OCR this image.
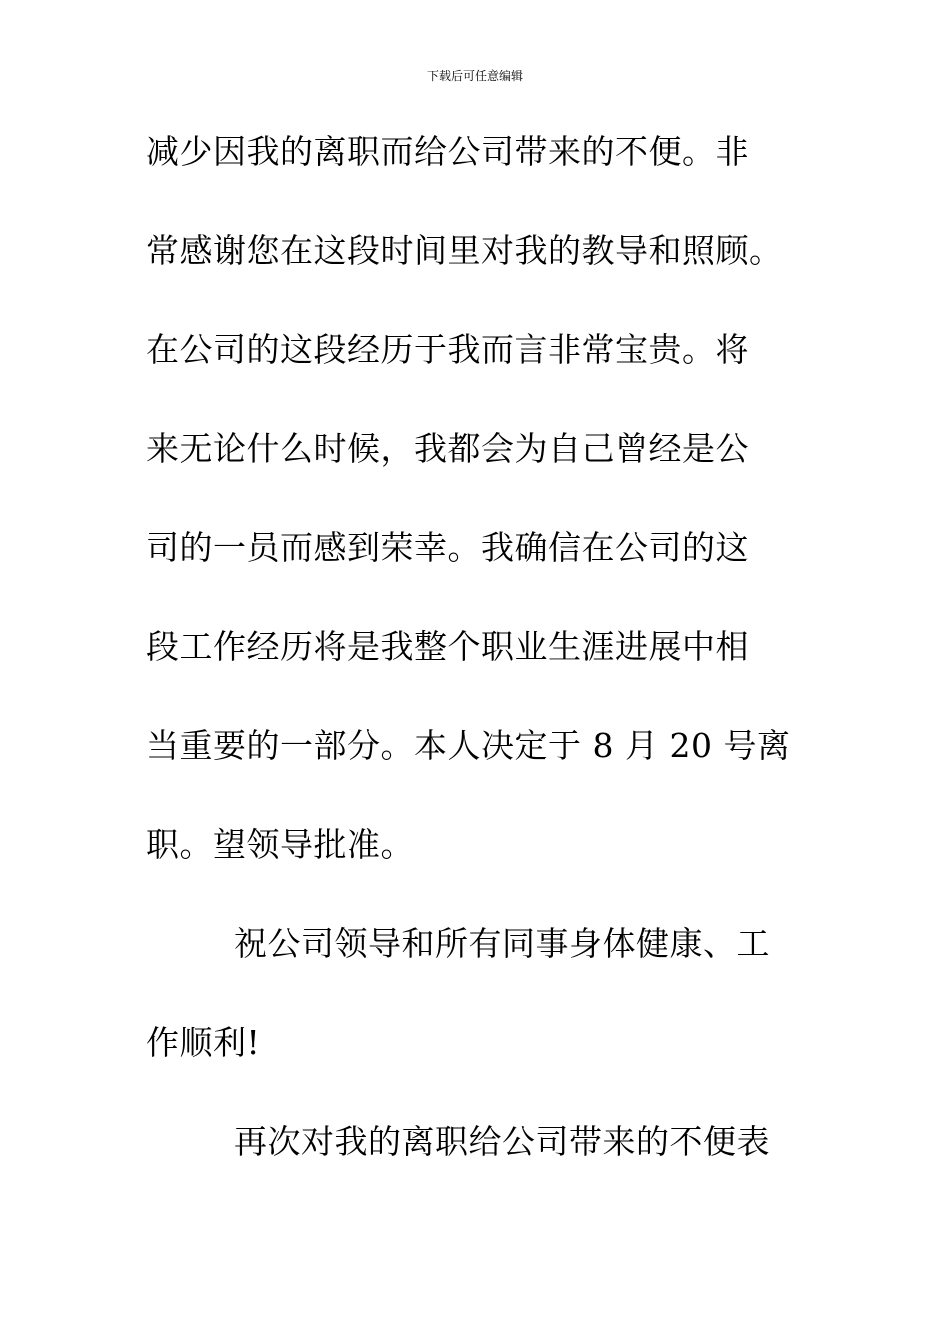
下载后可任意编辑
减少因我的离职而给公司带来的不便。非
常感谢您在这段时间里对我的教导和照顾。
在公司的这段经历于我而言非常宝贵。将
来无论什么时候，我都会为自己曾经是公
司的一员而感到荣幸。我确信在公司的这
段工作经历将是我整个职业生涯进展中相
当重要的一部分。本人决定于 8 月 20 号离
职。望领导批准。
祝公司领导和所有同事身体健康、工
作顺利!
再次对我的离职给公司带来的不便表
